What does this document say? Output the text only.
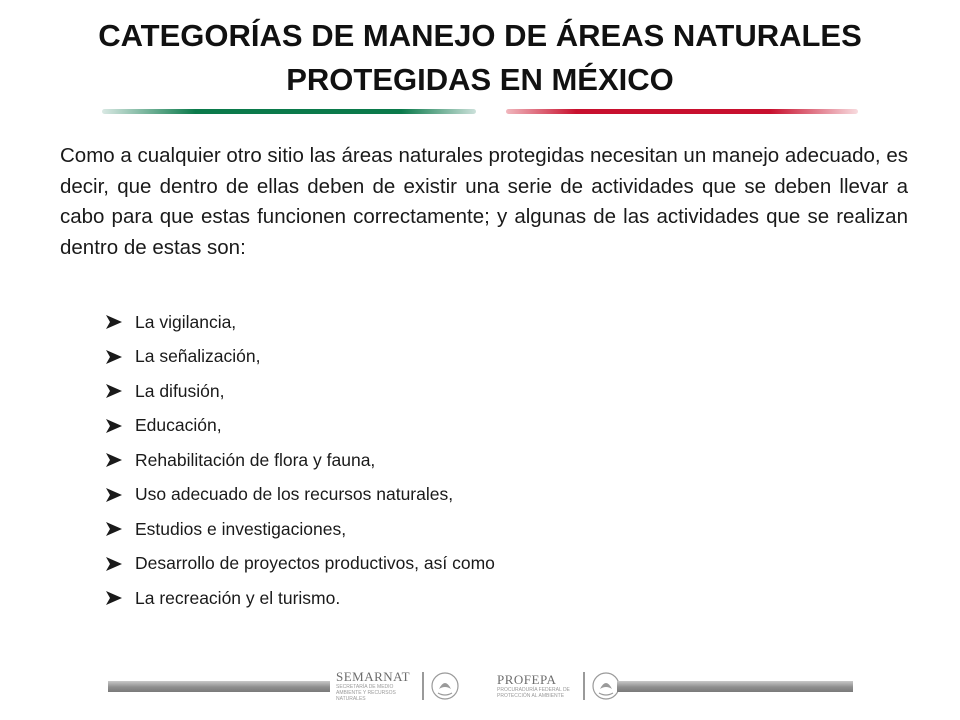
CATEGORÍAS DE MANEJO DE ÁREAS NATURALES
PROTEGIDAS EN MÉXICO

Como a cualquier otro sitio las áreas naturales protegidas necesitan un manejo adecuado, es decir, que dentro de ellas deben de existir una serie de actividades que se deben llevar a cabo para que estas funcionen correctamente; y algunas de las actividades que se realizan dentro de estas son:

La vigilancia,
La señalización,
La difusión,
Educación,
Rehabilitación de flora y fauna,
Uso adecuado de los recursos naturales,
Estudios e investigaciones,
Desarrollo de proyectos productivos, así como
La recreación y el turismo.
SEMARNAT
SECRETARÍA DE MEDIO AMBIENTE Y RECURSOS NATURALES
PROFEPA
PROCURADURÍA FEDERAL DE PROTECCIÓN AL AMBIENTE
